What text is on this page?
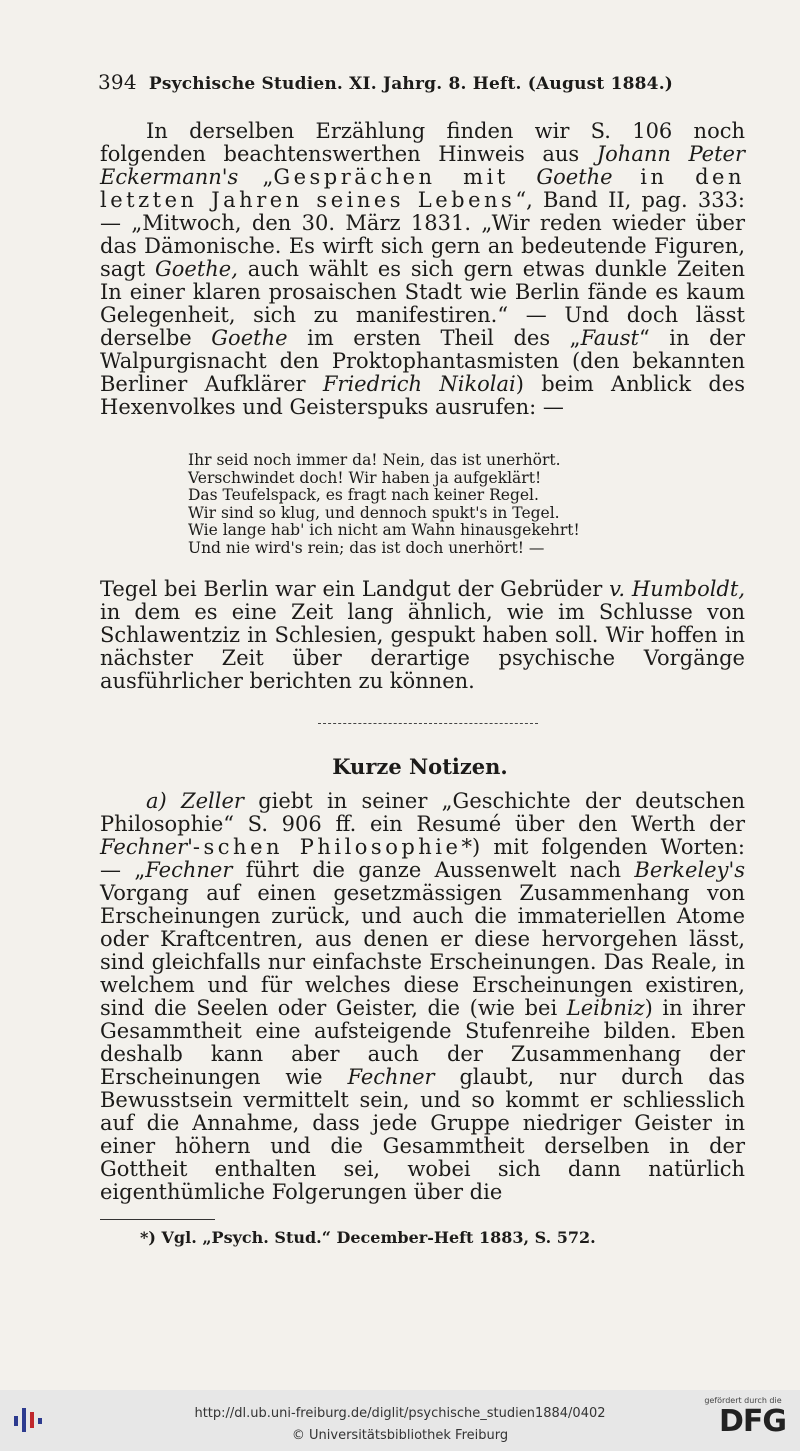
394 Psychische Studien. XI. Jahrg. 8. Heft. (August 1884.)

In derselben Erzählung finden wir S. 106 noch folgenden beachtenswerthen Hinweis aus Johann Peter Eckermann's „Gesprächen mit Goethe in den letzten Jahren seines Lebens“, Band II, pag. 333: — „Mitwoch, den 30. März 1831. „Wir reden wieder über das Dämonische. Es wirft sich gern an bedeutende Figuren, sagt Goethe, auch wählt es sich gern etwas dunkle Zeiten In einer klaren prosaischen Stadt wie Berlin fände es kaum Gelegenheit, sich zu manifestiren.“ — Und doch lässt derselbe Goethe im ersten Theil des „Faust“ in der Walpurgisnacht den Proktophantasmisten (den bekannten Berliner Aufklärer Friedrich Nikolai) beim Anblick des Hexenvolkes und Geisterspuks ausrufen: —

Ihr seid noch immer da! Nein, das ist unerhört.
Verschwindet doch! Wir haben ja aufgeklärt!
Das Teufelspack, es fragt nach keiner Regel.
Wir sind so klug, und dennoch spukt's in Tegel.
Wie lange hab' ich nicht am Wahn hinausgekehrt!
Und nie wird's rein; das ist doch unerhört! —

Tegel bei Berlin war ein Landgut der Gebrüder v. Humboldt, in dem es eine Zeit lang ähnlich, wie im Schlusse von Schlawentziz in Schlesien, gespukt haben soll. Wir hoffen in nächster Zeit über derartige psychische Vorgänge ausführlicher berichten zu können.

Kurze Notizen.

a) Zeller giebt in seiner „Geschichte der deutschen Philosophie“ S. 906 ff. ein Resumé über den Werth der Fechner'-schen Philosophie*) mit folgenden Worten: — „Fechner führt die ganze Aussenwelt nach Berkeley's Vorgang auf einen gesetzmässigen Zusammenhang von Erscheinungen zurück, und auch die immateriellen Atome oder Kraftcentren, aus denen er diese hervorgehen lässt, sind gleichfalls nur einfachste Erscheinungen. Das Reale, in welchem und für welches diese Erscheinungen existiren, sind die Seelen oder Geister, die (wie bei Leibniz) in ihrer Gesammtheit eine aufsteigende Stufenreihe bilden. Eben deshalb kann aber auch der Zusammenhang der Erscheinungen wie Fechner glaubt, nur durch das Bewusstsein vermittelt sein, und so kommt er schliesslich auf die Annahme, dass jede Gruppe niedriger Geister in einer höhern und die Gesammtheit derselben in der Gottheit enthalten sei, wobei sich dann natürlich eigenthümliche Folgerungen über die

*) Vgl. „Psych. Stud.“ December-Heft 1883, S. 572.
http://dl.ub.uni-freiburg.de/diglit/psychische_studien1884/0402
© Universitätsbibliothek Freiburg
gefördert durch die
DFG
